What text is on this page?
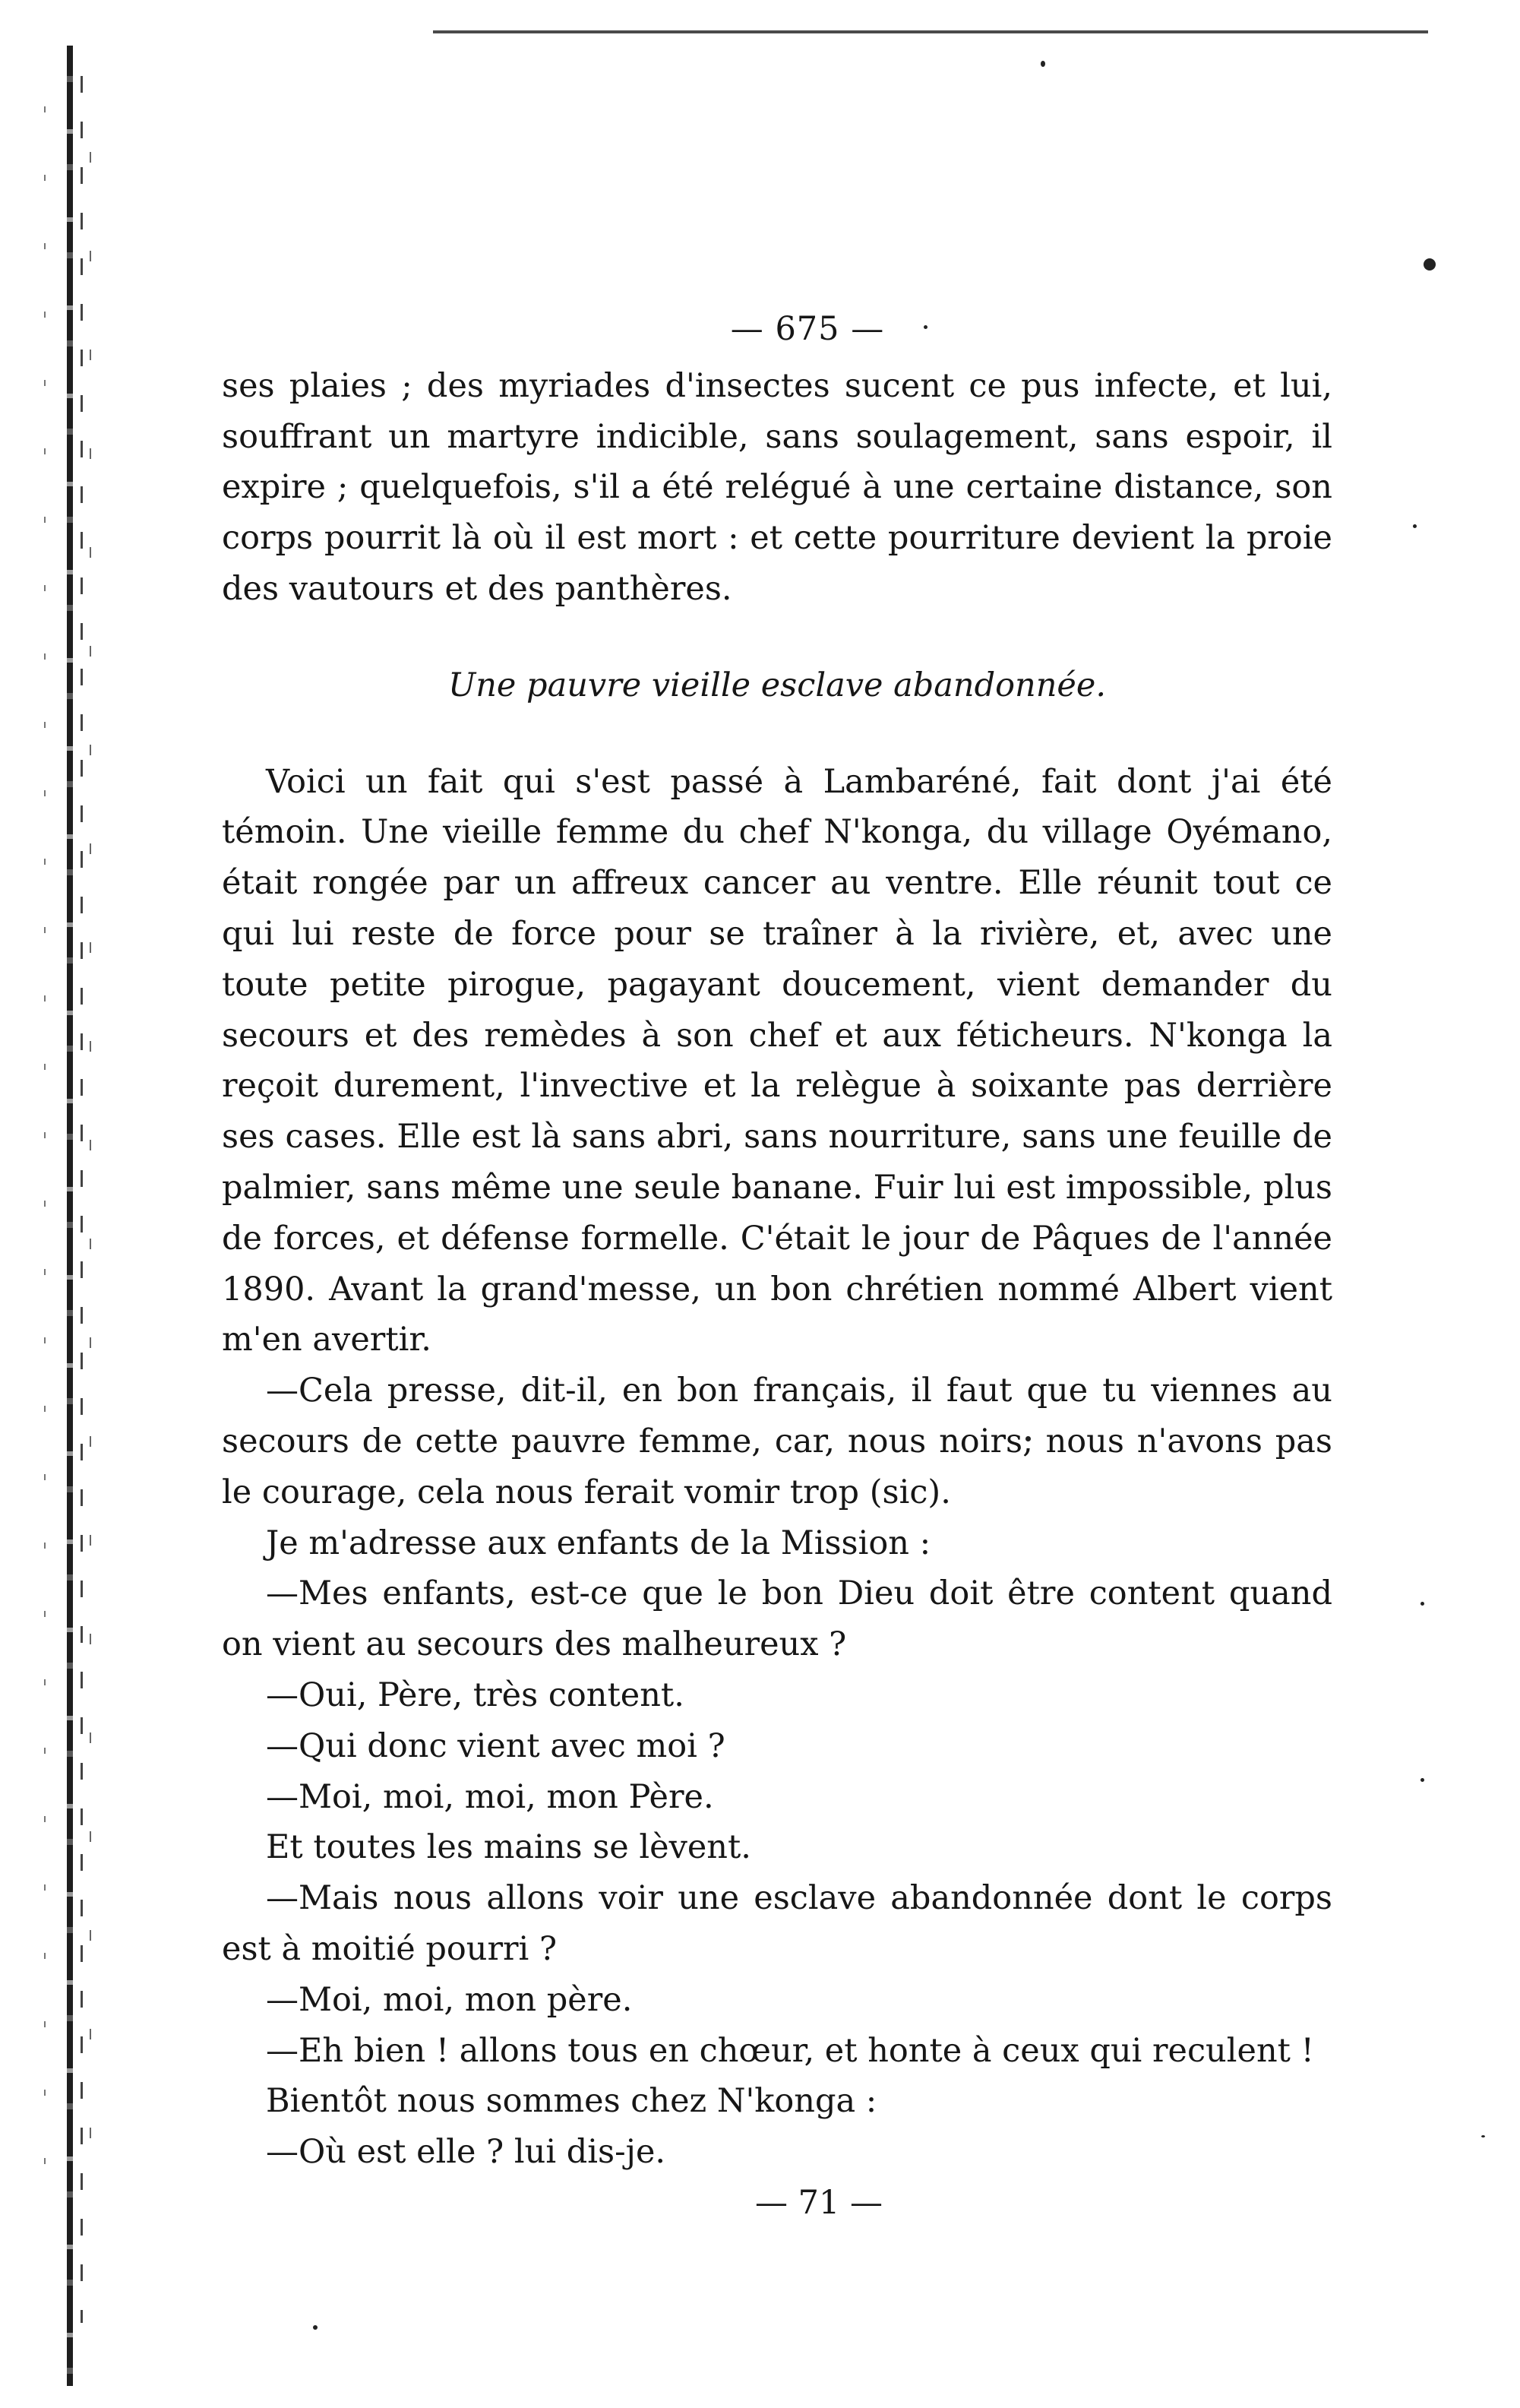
— 675 —

ses plaies ; des myriades d'insectes sucent ce pus infecte, et lui, souffrant un martyre indicible, sans soulagement, sans espoir, il expire ; quelquefois, s'il a été relégué à une certaine distance, son corps pourrit là où il est mort : et cette pourriture devient la proie des vautours et des panthères.

Une pauvre vieille esclave abandonnée.

Voici un fait qui s'est passé à Lambaréné, fait dont j'ai été témoin. Une vieille femme du chef N'konga, du village Oyémano, était rongée par un affreux cancer au ventre. Elle réunit tout ce qui lui reste de force pour se traîner à la rivière, et, avec une toute petite pirogue, pagayant doucement, vient demander du secours et des remèdes à son chef et aux féticheurs. N'konga la reçoit durement, l'invective et la relègue à soixante pas derrière ses cases. Elle est là sans abri, sans nourriture, sans une feuille de palmier, sans même une seule banane. Fuir lui est impossible, plus de forces, et défense formelle. C'était le jour de Pâques de l'année 1890. Avant la grand'messe, un bon chrétien nommé Albert vient m'en avertir.

—Cela presse, dit-il, en bon français, il faut que tu viennes au secours de cette pauvre femme, car, nous noirs, nous n'avons pas le courage, cela nous ferait vomir trop (sic).

Je m'adresse aux enfants de la Mission :

—Mes enfants, est-ce que le bon Dieu doit être content quand on vient au secours des malheureux ?

—Oui, Père, très content.

—Qui donc vient avec moi ?

—Moi, moi, moi, mon Père.

Et toutes les mains se lèvent.

—Mais nous allons voir une esclave abandonnée dont le corps est à moitié pourri ?

—Moi, moi, mon père.

—Eh bien ! allons tous en chœur, et honte à ceux qui reculent !

Bientôt nous sommes chez N'konga :

—Où est elle ? lui dis-je.

— 71 —
